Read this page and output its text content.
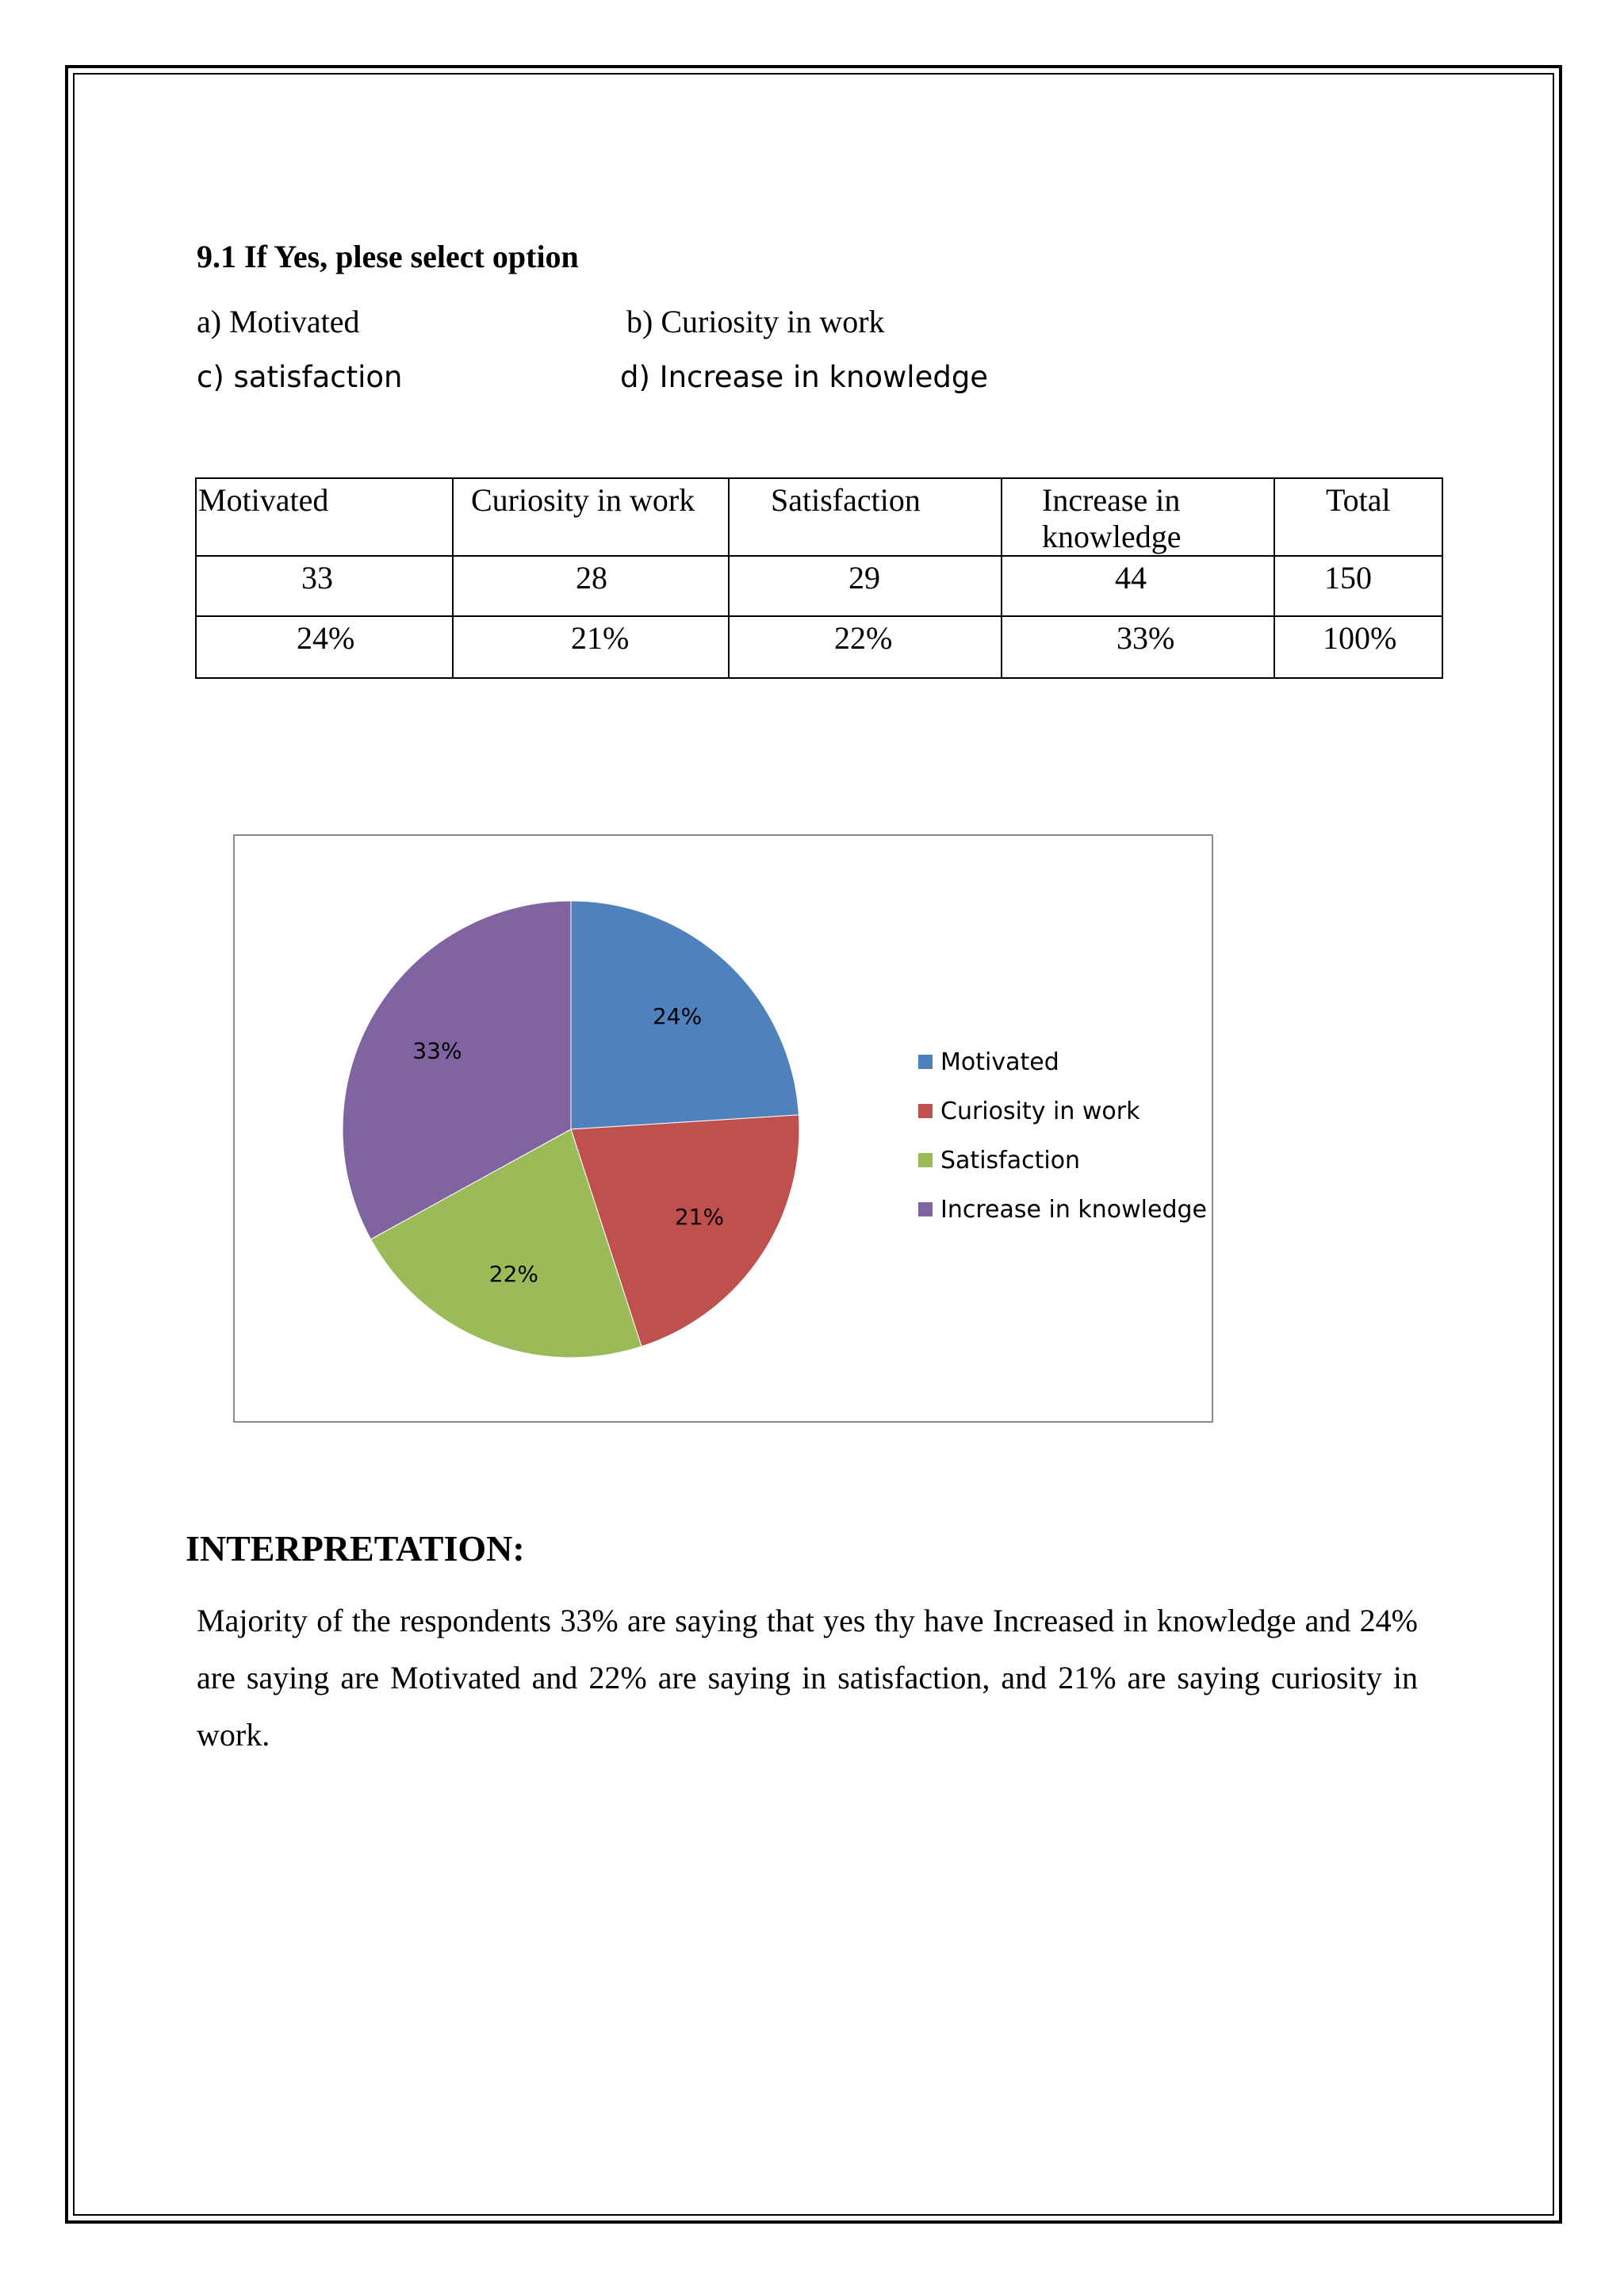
9.1 If Yes, plese select option
a) Motivated	b) Curiosity in work
c) satisfaction	d) Increase in knowledge
Motivated	Curiosity in work	Satisfaction	Increase in knowledge	Total

33	28	29	44	150

24%	21%	22%	33%	100%
24%
21%
22%
33%	Motivated
Curiosity in work
Satisfaction
Increase in knowledge
INTERPRETATION:
Majority of the respondents 33% are saying that yes thy have Increased in knowledge and 24% are saying are Motivated and 22% are saying in satisfaction, and 21% are saying curiosity in work.
